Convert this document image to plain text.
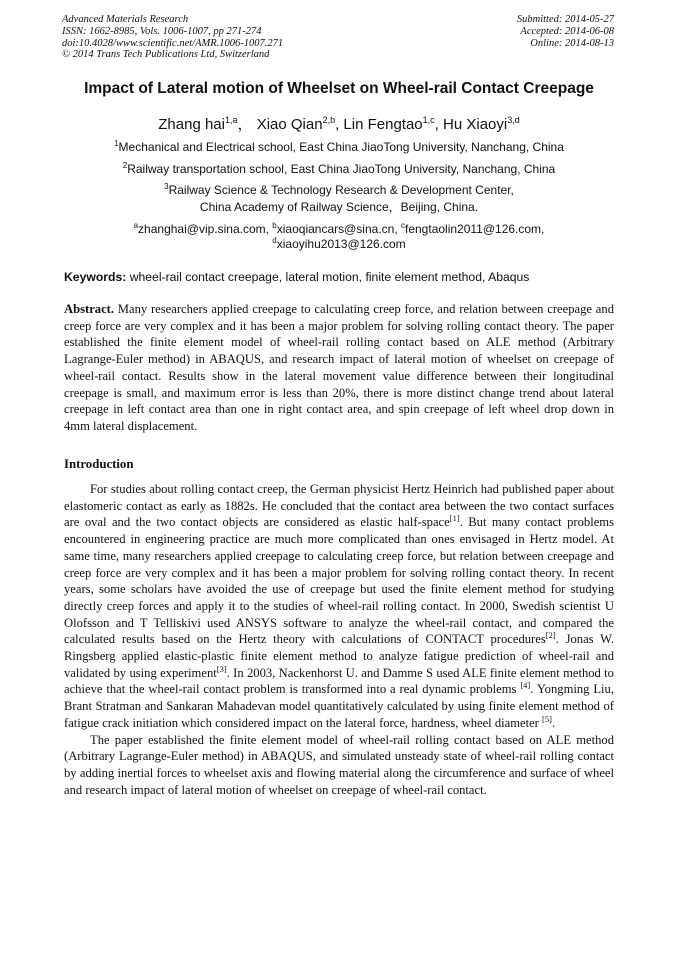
Advanced Materials Research
ISSN: 1662-8985, Vols. 1006-1007, pp 271-274
doi:10.4028/www.scientific.net/AMR.1006-1007.271
© 2014 Trans Tech Publications Ltd, Switzerland
Submitted: 2014-05-27
Accepted: 2014-06-08
Online: 2014-08-13
Impact of Lateral motion of Wheelset on Wheel-rail Contact Creepage
Zhang hai$^{1,a}$， Xiao Qian$^{2,b}$, Lin Fengtao$^{1,c}$, Hu Xiaoyi$^{3,d}$
$^1$Mechanical and Electrical school, East China JiaoTong University, Nanchang, China
$^2$Railway transportation school, East China JiaoTong University, Nanchang, China
$^3$Railway Science & Technology Research & Development Center,
China Academy of Railway Science，Beijing, China.
$^a$zhanghai@vip.sina.com, $^b$xiaoqiancars@sina.cn, $^c$fengtaolin2011@126.com,
$^d$xiaoyihu2013@126.com
Keywords: wheel-rail contact creepage, lateral motion, finite element method, Abaqus

Abstract. Many researchers applied creepage to calculating creep force, and relation between creepage and creep force are very complex and it has been a major problem for solving rolling contact theory. The paper established the finite element model of wheel-rail rolling contact based on ALE method (Arbitrary Lagrange-Euler method) in ABAQUS, and research impact of lateral motion of wheelset on creepage of wheel-rail contact. Results show in the lateral movement value difference between their longitudinal creepage is small, and maximum error is less than 20%, there is more distinct change trend about lateral creepage in left contact area than one in right contact area, and spin creepage of left wheel drop down in 4mm lateral displacement.

Introduction

For studies about rolling contact creep, the German physicist Hertz Heinrich had published paper about elastomeric contact as early as 1882s. He concluded that the contact area between the two contact surfaces are oval and the two contact objects are considered as elastic half-space[1]. But many contact problems encountered in engineering practice are much more complicated than ones envisaged in Hertz model. At same time, many researchers applied creepage to calculating creep force, but relation between creepage and creep force are very complex and it has been a major problem for solving rolling contact theory. In recent years, some scholars have avoided the use of creepage but used the finite element method for studying directly creep forces and apply it to the studies of wheel-rail rolling contact. In 2000, Swedish scientist U Olofsson and T Telliskivi used ANSYS software to analyze the wheel-rail contact, and compared the calculated results based on the Hertz theory with calculations of CONTACT procedures[2]. Jonas W. Ringsberg applied elastic-plastic finite element method to analyze fatigue prediction of wheel-rail and validated by using experiment[3]. In 2003, Nackenhorst U. and Damme S used ALE finite element method to achieve that the wheel-rail contact problem is transformed into a real dynamic problems [4]. Yongming Liu, Brant Stratman and Sankaran Mahadevan model quantitatively calculated by using finite element method of fatigue crack initiation which considered impact on the lateral force, hardness, wheel diameter [5].

The paper established the finite element model of wheel-rail rolling contact based on ALE method (Arbitrary Lagrange-Euler method) in ABAQUS, and simulated unsteady state of wheel-rail rolling contact by adding inertial forces to wheelset axis and flowing material along the circumference and surface of wheel and research impact of lateral motion of wheelset on creepage of wheel-rail contact.
